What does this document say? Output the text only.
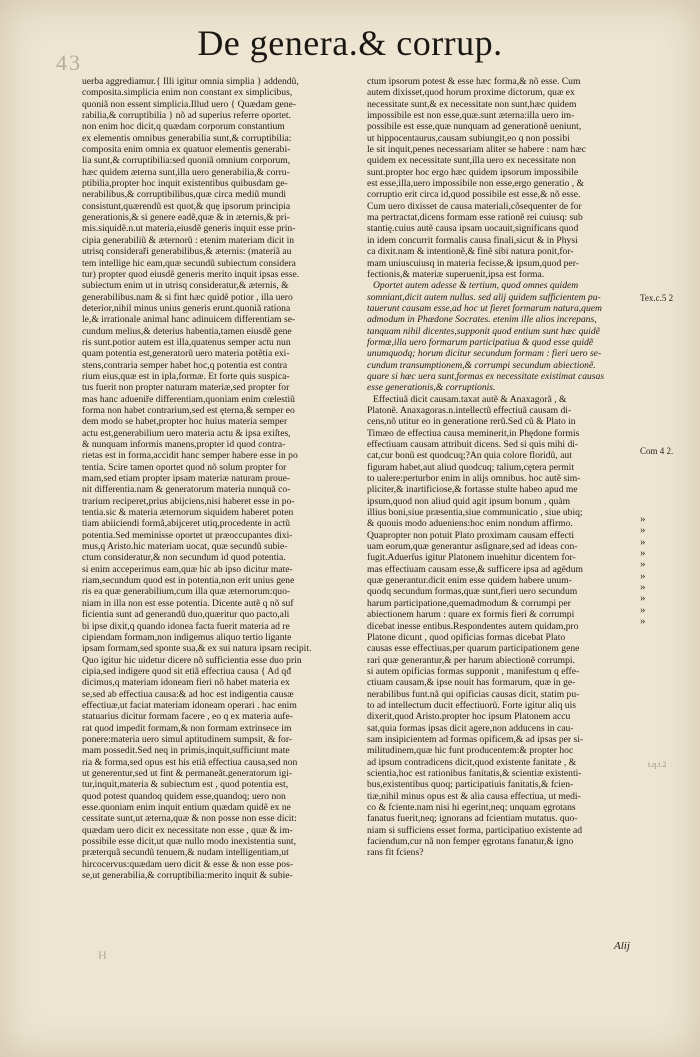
43	De genera.& corrup.
uerba aggrediamur.{ Illi igitur omnia simplia } addendũ,
composita.simplicia enim non constant ex simplicibus,
quoniã non essent simplicia.Illud uero { Quædam gene-
rabilia,& corruptibilia } nõ ad superius referre oportet.
non enim hoc dicit,q quædam corporum constantium
ex elementis omnibus generabilia sunt,& corruptibilia:
composita enim omnia ex quatuor elementis generabi-
lia sunt,& corruptibilia:sed quoniã omnium corporum,
hæc quidem æterna sunt,illa uero generabilia,& corru-
ptibilia,propter hoc inquit existentibus quibusdam ge-
nerabilibus,& corruptibilibus,quæ circa mediũ mundi
consistunt,quærendũ est quot,& quę ipsorum principia
generationis,& si genere eadẽ,quæ & in æternis,& pri-
mis.siquidẽ.n.ut materia,eiusdẽ generis inquit esse prin-
cipia generabiliũ & æternorũ : etenim materiam dicit in
utrisq consideraři generabilibus,& æternis: (materiã au
tem intellige hic eam,quæ secundũ subiectum considera
tur) propter quod eiusdẽ generis merito inquit ipsas esse.
subiectum enim ut in utrisq consideratur,& æternis, &
generabilibus.nam & si fint hæc quidẽ potior , illa uero
deterior,nihil minus unius generis erunt.quoniã rationa
le,& irrationale animal hanc adinuicem differentiam se-
cundum melius,& deterius habentia,tamen eiusdẽ gene
ris sunt.potior autem est illa,quatenus semper actu nun
quam potentia est,generatorũ uero materia potẽtia exi-
stens,contraria semper habet hoc,q potentia est contra
rium eius,quæ est in ipla,formæ. Et forte quis suspica-
tus fuerit non propter naturam materiæ,sed propter for
mas hanc adueniře differentiam,quoniam enim cœlestiũ
forma non habet contrarium,sed est ęterna,& semper eo
dem modo se habet,propter hoc huius materia semper
actu est,generabilium uero materia actu & ipsa exiſtes,
& nunquam informis manens,propter id quod contra-
rietas est in forma,accidit hanc semper habere esse in po
tentia. Scire tamen oportet quod nõ solum propter for
mam,sed etiam propter ipsam materiæ naturam proue-
nit differentia.nam & generatorum materia nunquã co-
trarium reciperet,prius abijciens,nisi haberet esse in po-
tentia.sic & materia æternorum siquidem haberet poten
tiam abiiciendi formã,abijceret utiq,procedente in actũ
potentia.Sed meminisse oportet ut præoccupantes dixi-
mus,q Aristo.hic materiam uocat, quæ secundũ subie-
ctum consideratur,& non secundum id quod potentia.
si enim acceperimus eam,quæ hic ab ipso dicitur mate-
riam,secundum quod est in potentia,non erit unius gene
ris ea quæ generabilium,cum illa quæ æternorum:quo-
niam in illa non est esse potentia. Dicente autẽ q nõ suf
ficientia sunt ad generandũ duo,quæritur quo pacto,ali
bi ipse dixit,q quando idonea facta fuerit materia ad re
cipiendam formam,non indigemus aliquo tertio ligante
ipsam formam,sed sponte sua,& ex sui natura ipsam recipit.
Quo igitur hic uidetur dicere nõ sufficientia esse duo prin
cipia,sed indigere quod sit etiã effectiua causa { Ad qđ
dicimus,q materiam idoneam fieri nõ habet materia ex
se,sed ab effectiua causa:& ad hoc est indigentia causæ
effectiuæ,ut faciat materiam idoneam operari . hac enim
statuarius dicitur formam facere , eo q ex materia aufe-
rat quod impedit formam,& non formam extrinsece im
ponere:materia uero simul aptitudinem sumpsit, & for-
mam possedit.Sed neq in primis,inquit,sufficiunt mate
ria & forma,sed opus est his etiã effectiua causa,sed non
ut generentur,sed ut fint & permaneãt.generatorum igi-
tur,inquit,materia & subiectum est , quod potentia est,
quod potest quandoq quidem esse,quandoq; uero non
esse.quoniam enim inquit entium quædam quidẽ ex ne
cessitate sunt,ut æterna,quæ & non posse non esse dicit:
quædam uero dicit ex necessitate non esse , quæ & im-
possibile esse dicit,ut quæ nullo modo inexistentia sunt,
præterquã secundũ tenuem,& nudam intelligentiam,ut
hircocervus:quædam uero dicit & esse & non esse pos-
se,ut generabilia,& corruptibilia:merito inquit & subie-
ctum ipsorum potest & esse hæc forma,& nõ esse. Cum
autem dixisset,quod horum proxime dictorum, quæ ex
necessitate sunt,& ex necessitate non sunt,hæc quidem
impossibile est non esse,quæ.sunt æterna:illa uero im-
possibile est esse,quæ nunquam ad generationẽ ueniunt,
ut hippocentaurus,causam subiungit,eo q non possibi
le sit inquit,penes necessariam aliter se habere : nam hæc
quidem ex necessitate sunt,illa uero ex necessitate non
sunt.propter hoc ergo hæc quidem ipsorum impossibile
est esse,illa,uero impossibile non esse,ergo generatio , &
corruptio erit circa id,quod possibile est esse,& nõ esse.
Cum uero dixisset de causa materiali,cõsequenter de for
ma pertractat,dicens formam esse rationẽ rei cuiusq: sub
stantię.cuius autẽ causa ipsam uocauit,significans quod
in idem concurrit formalis causa finali,sicut & in Physi
ca dixit.nam & intentionẽ,& finẽ sibi natura ponit,for-
mam uniuscuiusq in materia fecisse,& ipsum,quod per-
fectionis,& materiæ superuenit,ipsa est forma.
Oportet autem adesse & tertium, quod omnes quidem
somniant,dicit autem nullus. sed alij quidem sufficientem pu-
tauerunt causam esse,ad hoc ut fieret formarum natura,quem
admodum in Phædone Socrates. etenim ille alios increpans,
tanquam nihil dicentes,supponit quod entium sunt hæc quidẽ
formæ,illa uero formarum participatiua & quod esse quidẽ
unumquodq; horum dicitur secundum formam : fieri uero se-
cundum transumptionem,& corrumpi secundum abiectionẽ.
quare si hæc uera sunt,formas ex necessitate existimat causas
esse generationis,& corruptionis.
Effectiuã dicit causam.taxat autẽ & Anaxagorã , &
Platonẽ. Anaxagoras.n.intellectũ effectiuã causam di-
cens,nõ utitur eo in generatione rerũ.Sed cũ & Plato in
Timæo de effectiua causa meminerit,in Phędone formis
effectiuam causam attribuit dicens. Sed si quis mihi di-
cat,cur bonũ est quodcuq;?An quia colore floridũ, aut
figuram habet,aut aliud quodcuq; talium,cętera permit
to ualere:perturbor enim in alijs omnibus. hoc autẽ sim-
pliciter,& inartificiose,& fortasse stulte habeo apud me
ipsum,quod non aliud quid agit ipsum bonum , quàm
illius boni,siue præsentia,siue communicatio , siue ubiq;
& quouis modo adueniens:hoc enim nondum affirmo.
Quapropter non potuit Plato proximam causam effecti
uam eorum,quæ generantur asſignare,sed ad ideas con-
fugit.Aduerſus igitur Platonem inuehitur dicentem for-
mas effectiuam causam esse,& sufficere ipsa ad agẽdum
quæ generantur.dicit enim esse quidem habere unum-
quodq secundum formas,quæ sunt,fieri uero secundum
harum participatione,quemadmodum & corrumpi per
abiectionem harum : quare ex formis fieri & corrumpi
dicebat inesse entibus.Respondentes autem quidam,pro
Platone dicunt , quod opificias formas dicebat Plato
causas esse effectiuas,per quarum participationem gene
rari quæ generantur,& per harum abiectionẽ corrumpi.
si autem opificias formas supponit , manifestum q effe-
ctiuam causam,& ipse nouit has formarum, quæ in ge-
nerabilibus funt.nã qui opificias causas dicit, statim pu-
to ad intellectum ducit effectiuorũ. Forte igitur aliq uis
dixerit,quod Aristo.propter hoc ipsum Platonem accu
sat,quia formas ipsas dicit agere,non adducens in cau-
sam insipicientem ad formas opificem,& ad ipsas per si-
militudinem,quæ hic funt producentem:& propter hoc
ad ipsum contradicens dicit,quod existente fanitate , &
scientia,hoc est rationibus fanitatis,& scientiæ existenti-
bus,existentibus quoq; participatiuis fanitatis,& fcien-
tiæ,nihil minus opus est & alia causa effectiua, ut medi-
co & fciente.nam nisi hi egerint,neq; unquam ęgrotans
fanatus fuerit,neq; ignorans ad fcientiam mutatus. quo-
niam si sufficiens esset forma, participatiuo existente ad
faciendum,cur nã non femper ęgrotans fanatur,& igno
rans fit fciens?
Tex.c.5 2
Com 4 2.
»
»
»
»
»
»
»
»
»
»
t.q.t.2
H
Alij
